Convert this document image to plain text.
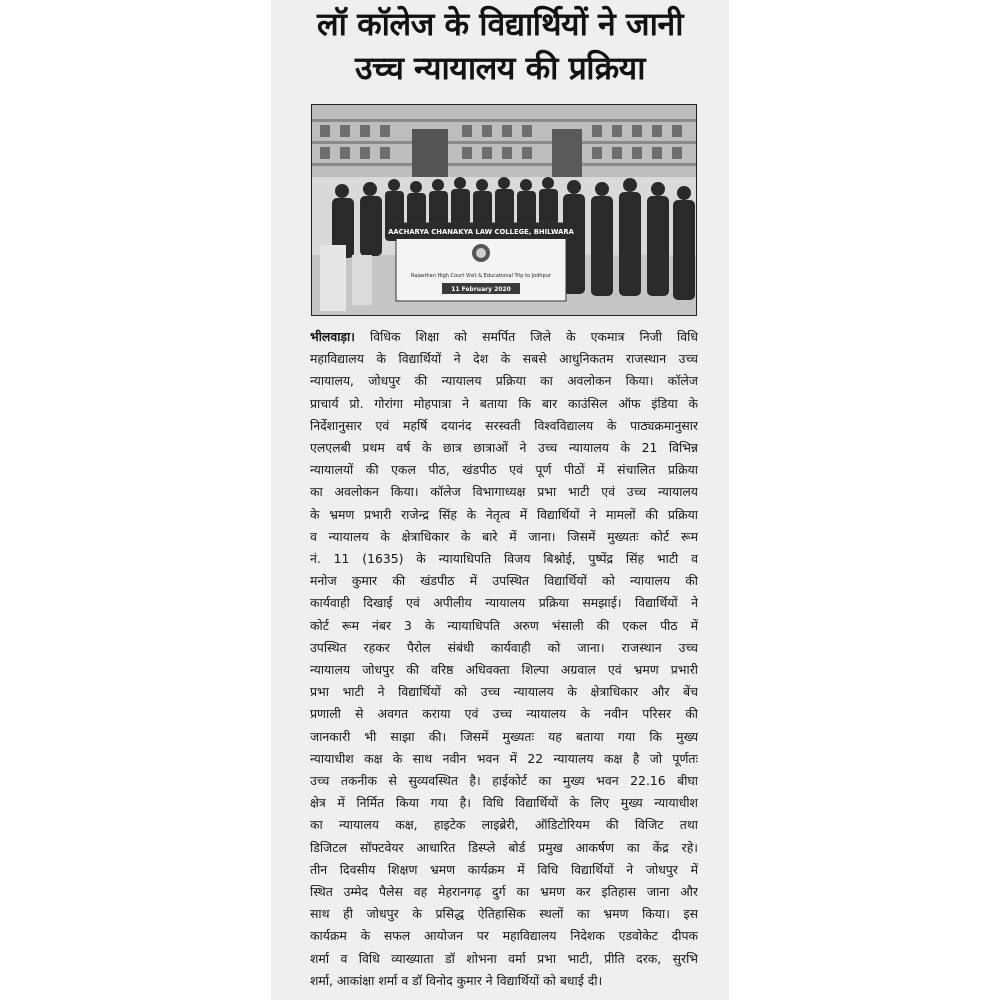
लॉ कॉलेज के विद्यार्थियों ने जानी
उच्च न्यायालय की प्रक्रिया
AACHARYA CHANAKYA LAW COLLEGE, BHILWARA
Rajasthan High Court Visit & Educational Trip to Jodhpur
11 February 2020
भीलवाड़ा। विधिक शिक्षा को समर्पित जिले के एकमात्र निजी विधि
महाविद्यालय के विद्यार्थियों ने देश के सबसे आधुनिकतम राजस्थान उच्च
न्यायालय, जोधपुर की न्यायालय प्रक्रिया का अवलोकन किया। कॉलेज
प्राचार्य प्रो. गोरांगा मोहपात्रा ने बताया कि बार काउंसिल ऑफ इंडिया के
निर्देशानुसार एवं महर्षि दयानंद सरस्वती विश्वविद्यालय के पाठ्यक्रमानुसार
एलएलबी प्रथम वर्ष के छात्र छात्राओं ने उच्च न्यायालय के 21 विभिन्न
न्यायालयों की एकल पीठ, खंडपीठ एवं पूर्ण पीठों में संचालित प्रक्रिया
का अवलोकन किया। कॉलेज विभागाध्यक्ष प्रभा भाटी एवं उच्च न्यायालय
के भ्रमण प्रभारी राजेन्द्र सिंह के नेतृत्व में विद्यार्थियों ने मामलों की प्रक्रिया
व न्यायालय के क्षेत्राधिकार के बारे में जाना। जिसमें मुख्यतः कोर्ट रूम
नं. 11 (1635) के न्यायाधिपति विजय बिश्नोई, पुष्पेंद्र सिंह भाटी व
मनोज कुमार की खंडपीठ में उपस्थित विद्यार्थियों को न्यायालय की
कार्यवाही दिखाई एवं अपीलीय न्यायालय प्रक्रिया समझाई। विद्यार्थियों ने
कोर्ट रूम नंबर 3 के न्यायाधिपति अरुण भंसाली की एकल पीठ में
उपस्थित रहकर पैरोल संबंधी कार्यवाही को जाना। राजस्थान उच्च
न्यायालय जोधपुर की वरिष्ठ अधिवक्ता शिल्पा अग्रवाल एवं भ्रमण प्रभारी
प्रभा भाटी ने विद्यार्थियों को उच्च न्यायालय के क्षेत्राधिकार और बेंच
प्रणाली से अवगत कराया एवं उच्च न्यायालय के नवीन परिसर की
जानकारी भी साझा की। जिसमें मुख्यतः यह बताया गया कि मुख्य
न्यायाधीश कक्ष के साथ नवीन भवन में 22 न्यायालय कक्ष है जो पूर्णतः
उच्च तकनीक से सुव्यवस्थित है। हाईकोर्ट का मुख्य भवन 22.16 बीघा
क्षेत्र में निर्मित किया गया है। विधि विद्यार्थियों के लिए मुख्य न्यायाधीश
का न्यायालय कक्ष, हाइटेक लाइब्रेरी, ऑडिटोरियम की विजिट तथा
डिजिटल सॉफ्टवेयर आधारित डिस्प्ले बोर्ड प्रमुख आकर्षण का केंद्र रहे।
तीन दिवसीय शिक्षण भ्रमण कार्यक्रम में विधि विद्यार्थियों ने जोधपुर में
स्थित उम्मेद पैलेस वह मेहरानगढ़ दुर्ग का भ्रमण कर इतिहास जाना और
साथ ही जोधपुर के प्रसिद्ध ऐतिहासिक स्थलों का भ्रमण किया। इस
कार्यक्रम के सफल आयोजन पर महाविद्यालय निदेशक एडवोकेट दीपक
शर्मा व विधि व्याख्याता डॉ शोभना वर्मा प्रभा भाटी, प्रीति दरक, सुरभि
शर्मा, आकांक्षा शर्मा व डॉ विनोद कुमार ने विद्यार्थियों को बधाई दी।
